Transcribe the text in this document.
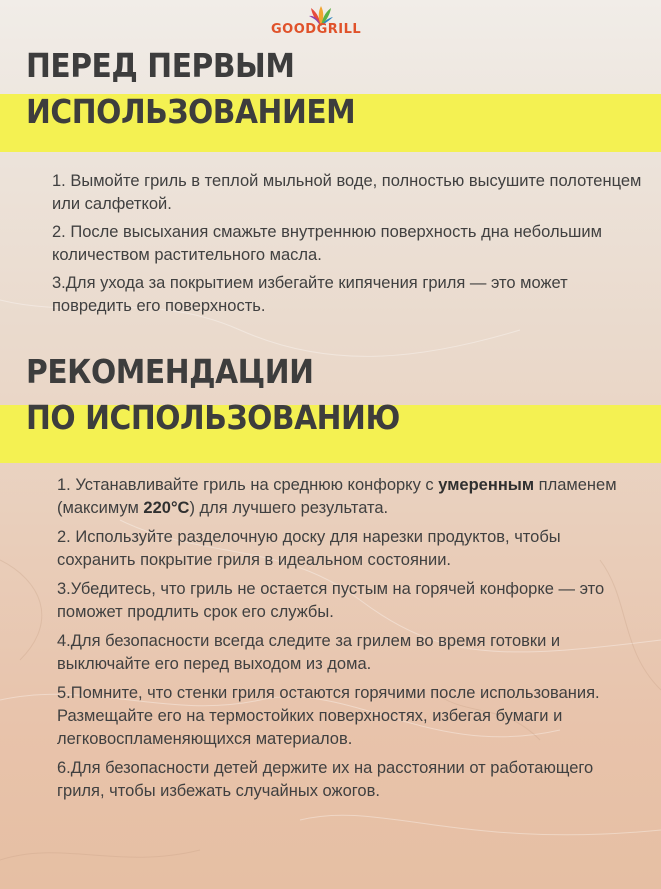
GOODGRILL
ПЕРЕД ПЕРВЫМ
ИСПОЛЬЗОВАНИЕМ
1. Вымойте гриль в теплой мыльной воде, полностью высушите полотенцем или салфеткой.
2. После высыхания смажьте внутреннюю поверхность дна небольшим количеством растительного масла.
3.Для ухода за покрытием избегайте кипячения гриля — это может повредить его поверхность.
РЕКОМЕНДАЦИИ
ПО ИСПОЛЬЗОВАНИЮ
1. Устанавливайте гриль на среднюю конфорку с умеренным пламенем (максимум 220°C) для лучшего результата.
2. Используйте разделочную доску для нарезки продуктов, чтобы сохранить покрытие гриля в идеальном состоянии.
3.Убедитесь, что гриль не остается пустым на горячей конфорке — это поможет продлить срок его службы.
4.Для безопасности всегда следите за грилем во время готовки и выключайте его перед выходом из дома.
5.Помните, что стенки гриля остаются горячими после использования. Размещайте его на термостойких поверхностях, избегая бумаги и легковоспламеняющихся материалов.
6.Для безопасности детей держите их на расстоянии от работающего гриля, чтобы избежать случайных ожогов.
